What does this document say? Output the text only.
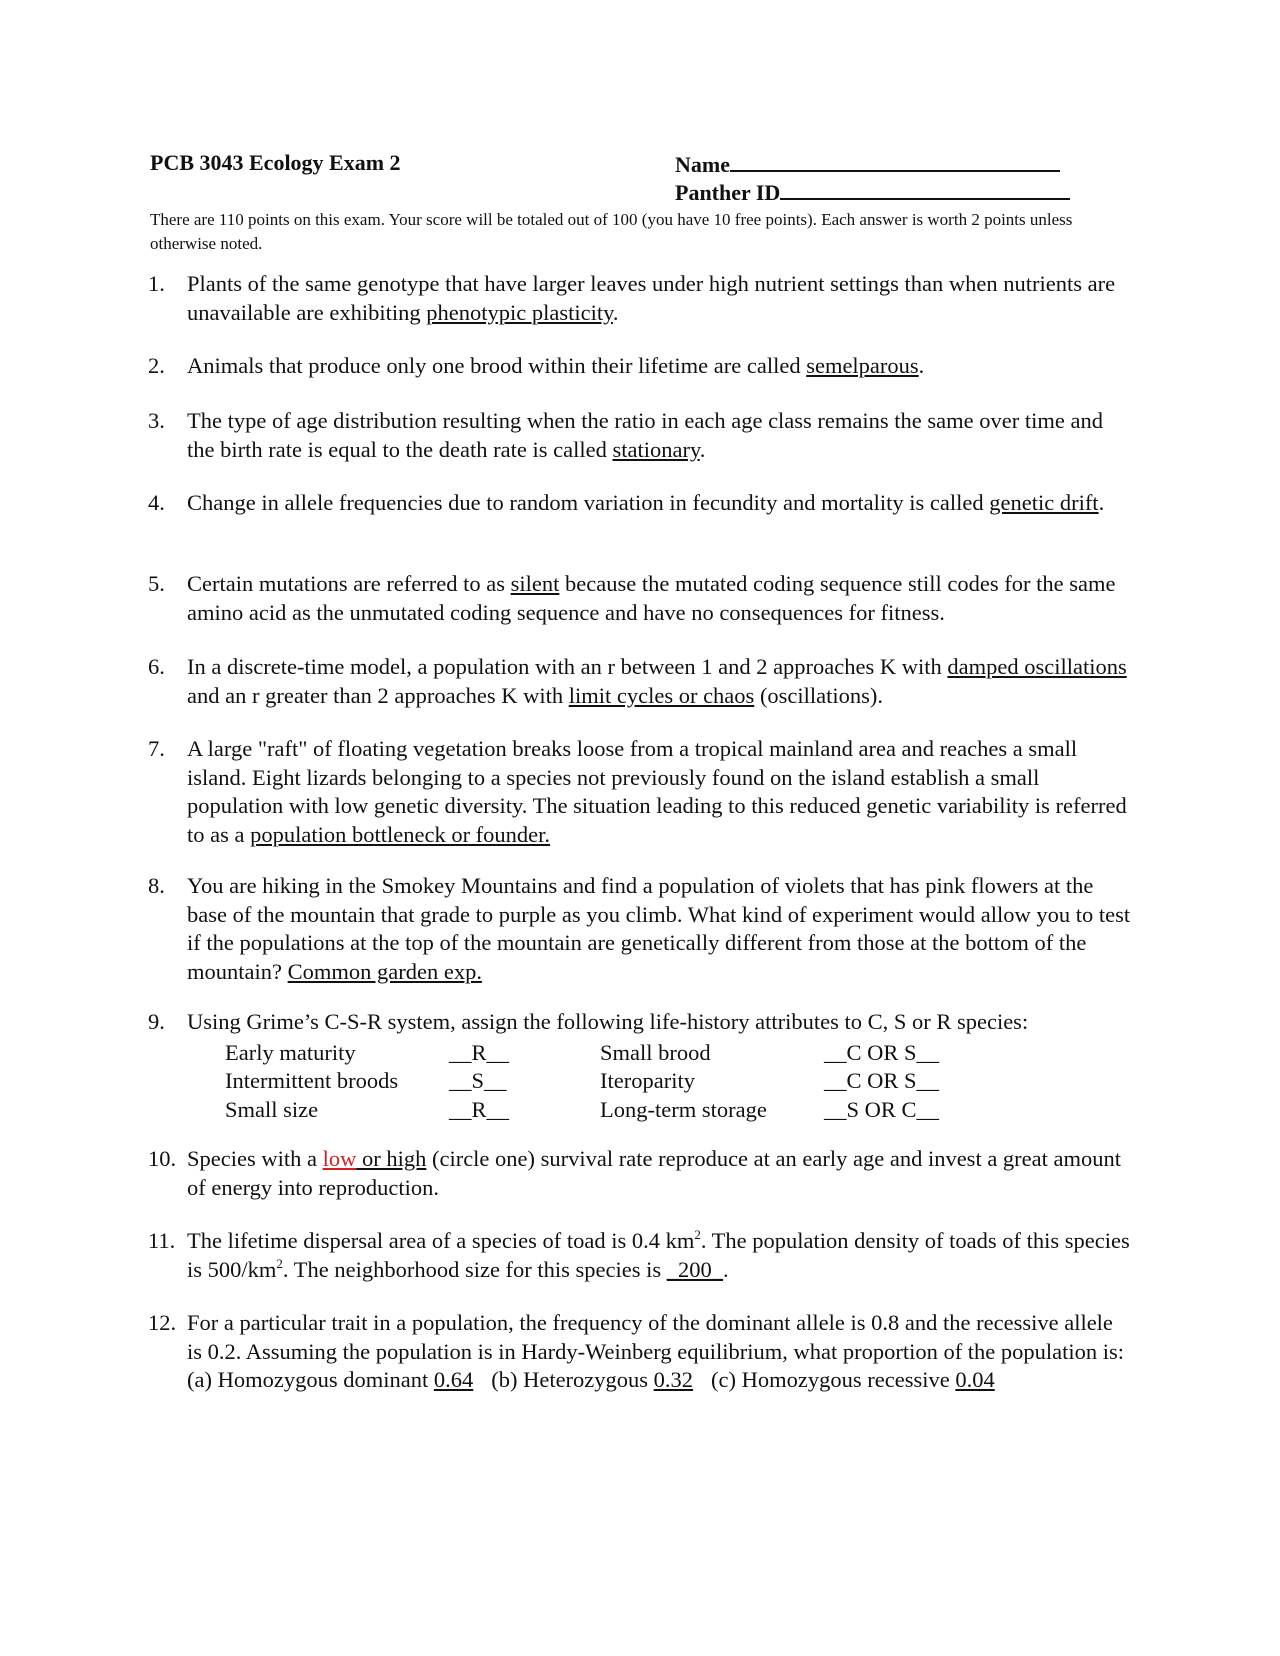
PCB 3043 Ecology Exam 2	Name
Panther ID
There are 110 points on this exam. Your score will be totaled out of 100 (you have 10 free points). Each answer is worth 2 points unless otherwise noted.
1. Plants of the same genotype that have larger leaves under high nutrient settings than when nutrients are unavailable are exhibiting phenotypic plasticity.
2. Animals that produce only one brood within their lifetime are called semelparous.
3. The type of age distribution resulting when the ratio in each age class remains the same over time and the birth rate is equal to the death rate is called stationary.
4. Change in allele frequencies due to random variation in fecundity and mortality is called genetic drift.
5. Certain mutations are referred to as silent because the mutated coding sequence still codes for the same amino acid as the unmutated coding sequence and have no consequences for fitness.
6. In a discrete-time model, a population with an r between 1 and 2 approaches K with damped oscillations and an r greater than 2 approaches K with limit cycles or chaos (oscillations).
7. A large "raft" of floating vegetation breaks loose from a tropical mainland area and reaches a small island. Eight lizards belonging to a species not previously found on the island establish a small population with low genetic diversity. The situation leading to this reduced genetic variability is referred to as a population bottleneck or founder.
8. You are hiking in the Smokey Mountains and find a population of violets that has pink flowers at the base of the mountain that grade to purple as you climb. What kind of experiment would allow you to test if the populations at the top of the mountain are genetically different from those at the bottom of the mountain? Common garden exp.
9. Using Grime’s C-S-R system, assign the following life-history attributes to C, S or R species:
Early maturity	__R__	Small brood	__C OR S__
Intermittent broods	__S__	Iteroparity	__C OR S__
Small size	__R__	Long-term storage	__S OR C__
10. Species with a low or high (circle one) survival rate reproduce at an early age and invest a great amount of energy into reproduction.
11. The lifetime dispersal area of a species of toad is 0.4 $km^2$. The population density of toads of this species is $500/km^2$. The neighborhood size for this species is _200_.
12. For a particular trait in a population, the frequency of the dominant allele is 0.8 and the recessive allele is 0.2. Assuming the population is in Hardy-Weinberg equilibrium, what proportion of the population is:
(a) Homozygous dominant 0.64 (b) Heterozygous 0.32 (c) Homozygous recessive 0.04
